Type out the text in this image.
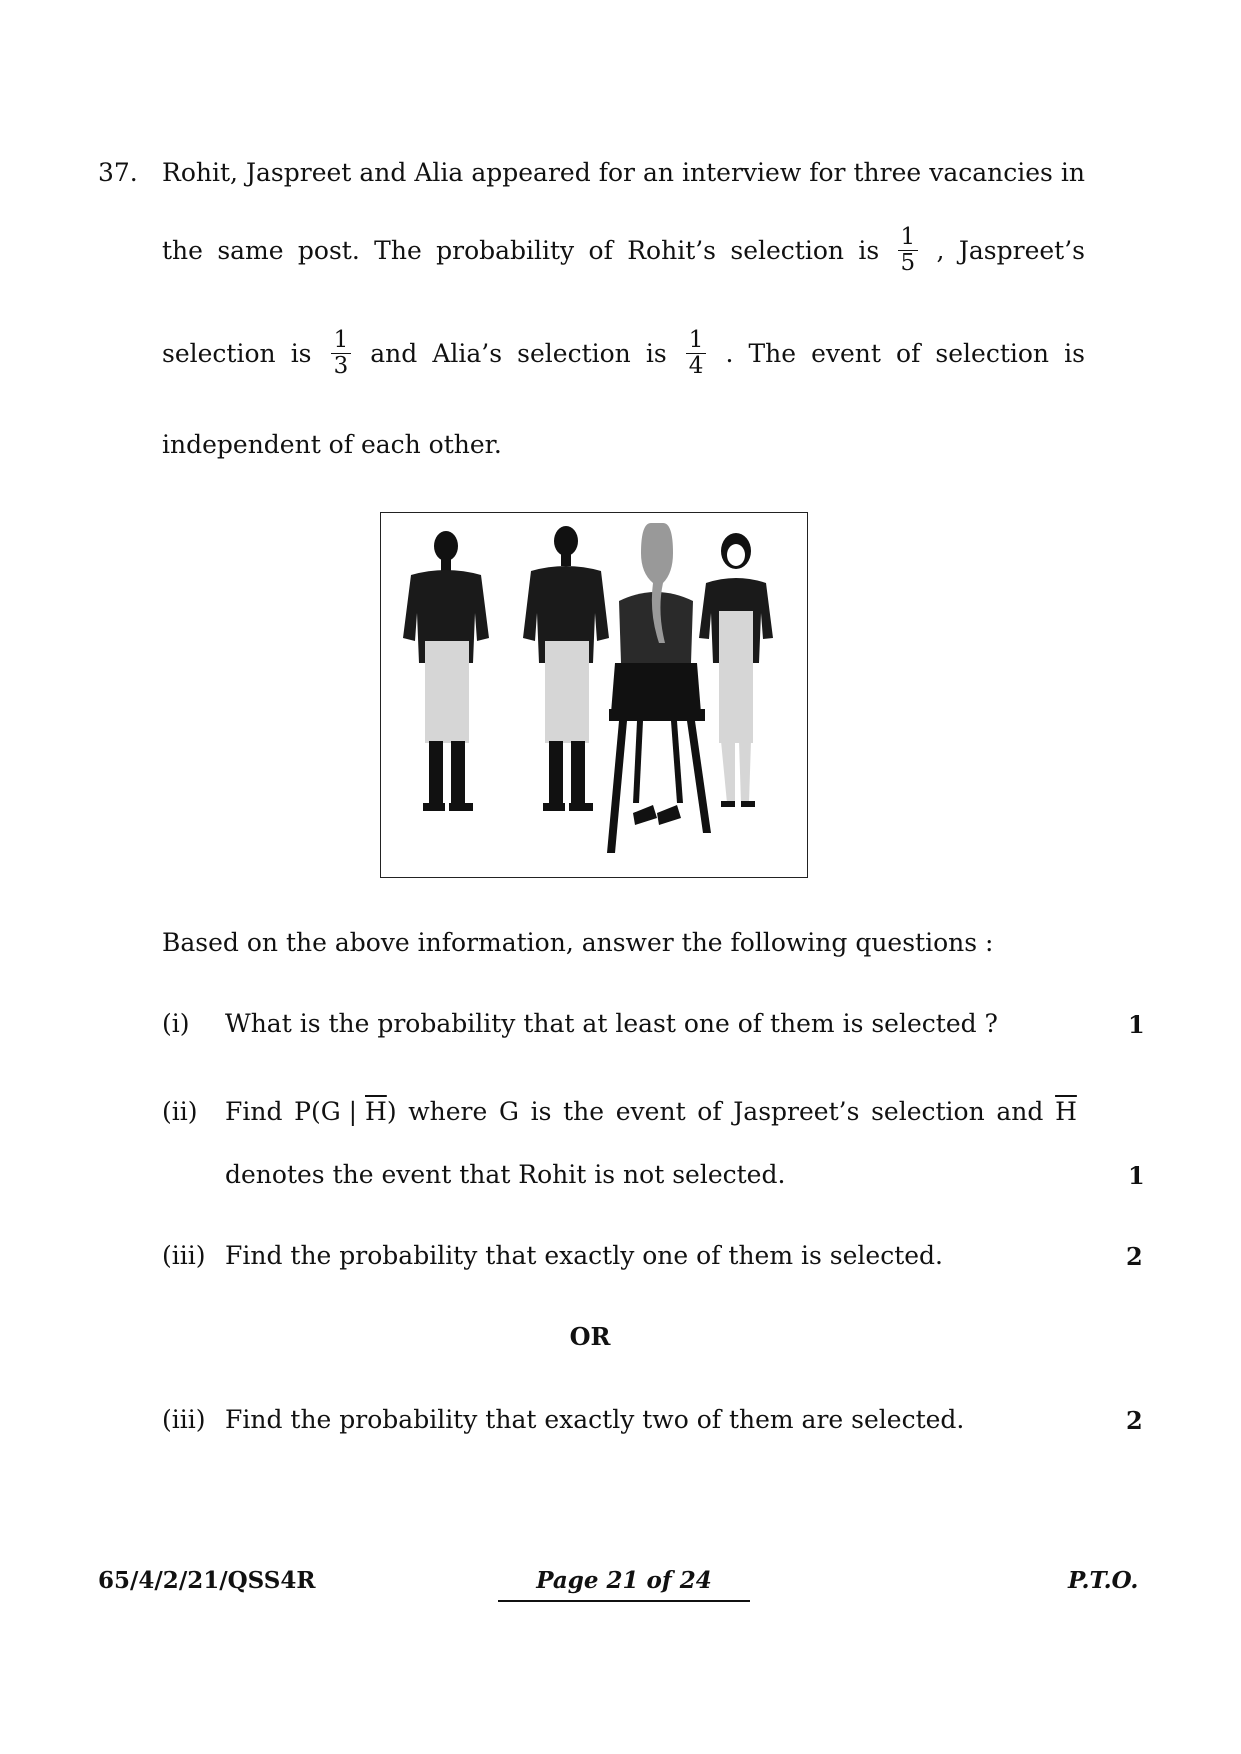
37. Rohit, Jaspreet and Alia appeared for an interview for three vacancies in
the same post. The probability of Rohit’s selection is $\frac{1}{5}$ , Jaspreet’s
selection is $\frac{1}{3}$ and Alia’s selection is $\frac{1}{4}$ . The event of selection is
independent of each other.
Based on the above information, answer the following questions :
(i) What is the probability that at least one of them is selected ?	1
(ii) Find P(G | $\overline{H}$) where G is the event of Jaspreet’s selection and $\overline{H}$
denotes the event that Rohit is not selected.	1
(iii) Find the probability that exactly one of them is selected.	2
OR
(iii) Find the probability that exactly two of them are selected.	2
65/4/2/21/QSS4R	Page 21 of 24	P.T.O.
